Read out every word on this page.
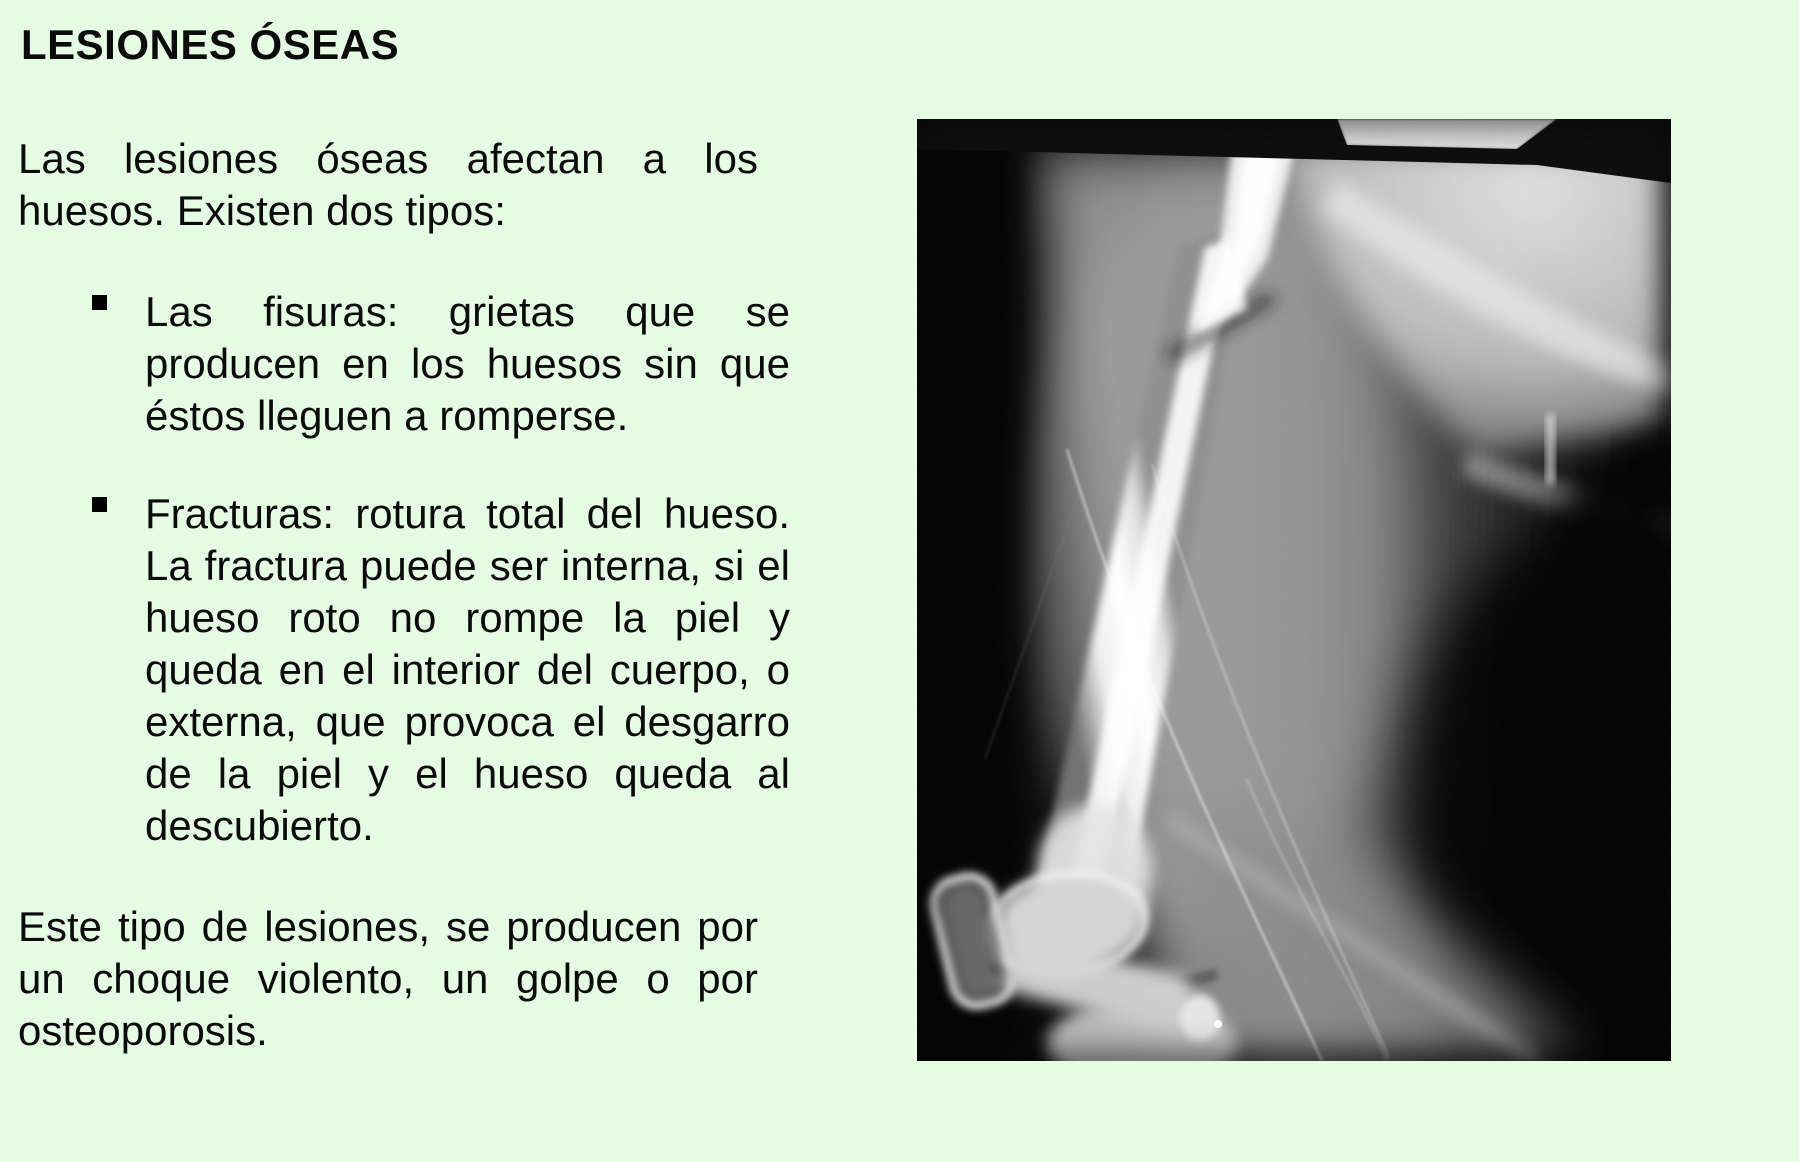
LESIONES ÓSEAS

Las lesiones óseas afectan a los huesos. Existen dos tipos:

Las fisuras: grietas que se producen en los huesos sin que éstos lleguen a romperse.
Fracturas: rotura total del hueso. La fractura puede ser interna, si el hueso roto no rompe la piel y queda en el interior del cuerpo, o externa, que provoca el desgarro de la piel y el hueso queda al descubierto.

Este tipo de lesiones, se producen por un choque violento, un golpe o por osteoporosis.
